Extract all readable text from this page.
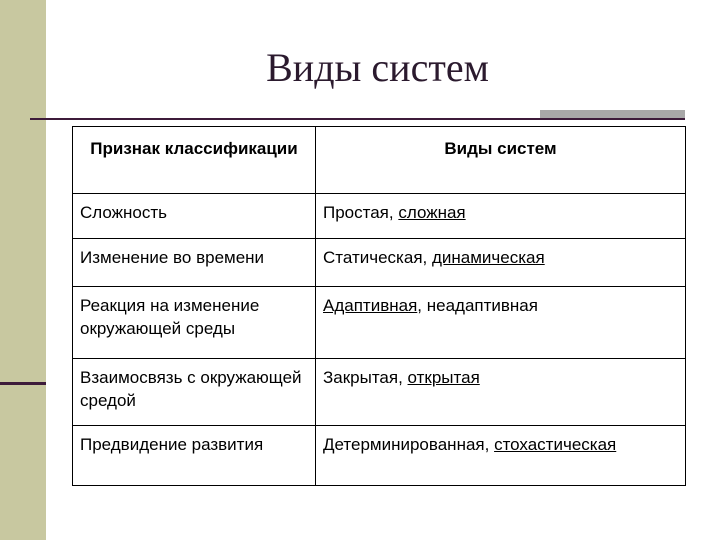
Виды систем
Признак классификации	Виды систем

Сложность	Простая, сложная

Изменение во времени	Статическая, динамическая

Реакция на изменение окружающей среды	Адаптивная, неадаптивная

Взаимосвязь с окружающей средой	Закрытая, открытая

Предвидение развития	Детерминированная, стохастическая
